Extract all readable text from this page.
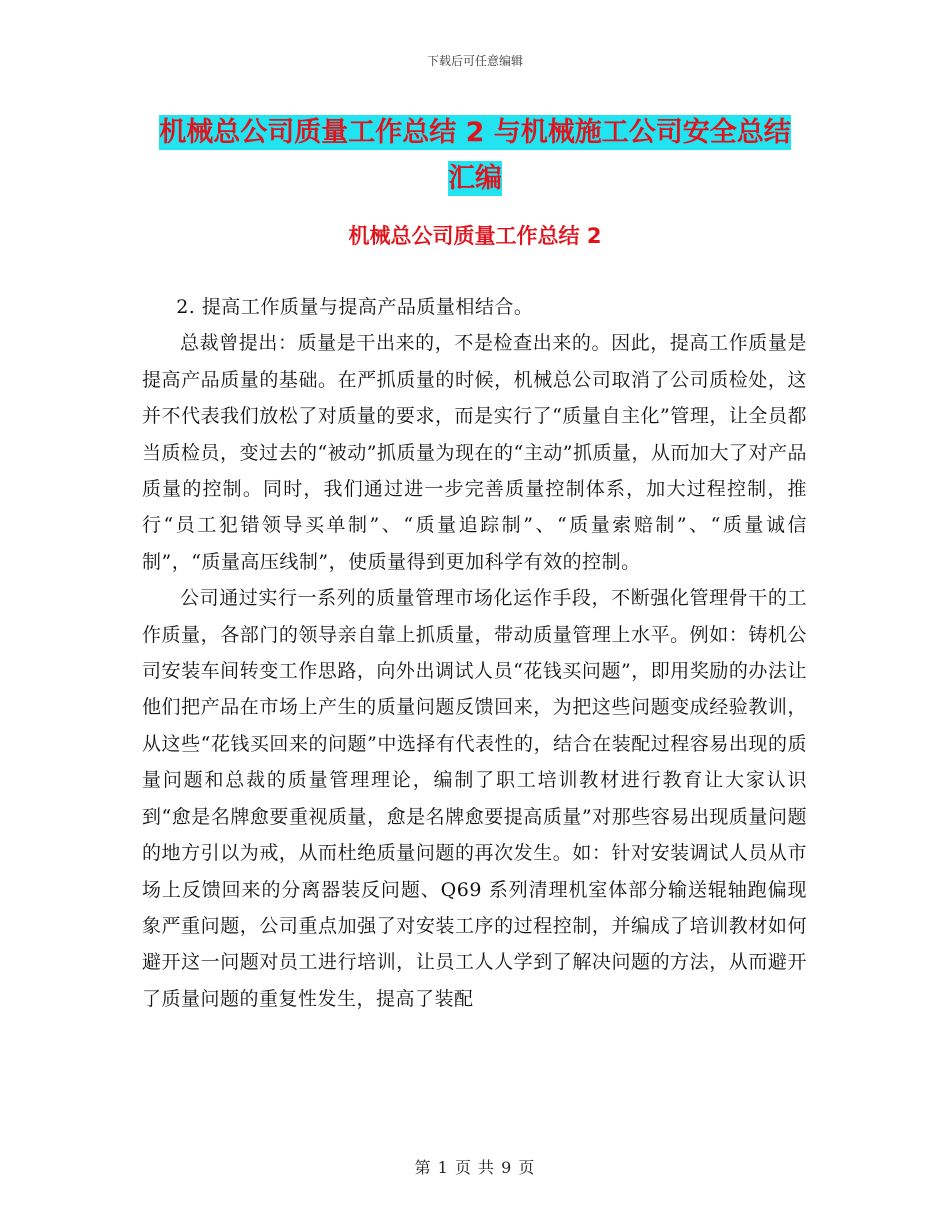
下载后可任意编辑
机械总公司质量工作总结 2 与机械施工公司安全总结
汇编
机械总公司质量工作总结 2

2. 提高工作质量与提高产品质量相结合。

总裁曾提出：质量是干出来的，不是检查出来的。因此，提高工作质量是提高产品质量的基础。在严抓质量的时候，机械总公司取消了公司质检处，这并不代表我们放松了对质量的要求，而是实行了“质量自主化”管理，让全员都当质检员，变过去的“被动”抓质量为现在的“主动”抓质量，从而加大了对产品质量的控制。同时，我们通过进一步完善质量控制体系，加大过程控制，推行“员工犯错领导买单制”、“质量追踪制”、“质量索赔制”、“质量诚信制”，“质量高压线制”，使质量得到更加科学有效的控制。

公司通过实行一系列的质量管理市场化运作手段，不断强化管理骨干的工作质量，各部门的领导亲自靠上抓质量，带动质量管理上水平。例如：铸机公司安装车间转变工作思路，向外出调试人员“花钱买问题”，即用奖励的办法让他们把产品在市场上产生的质量问题反馈回来，为把这些问题变成经验教训，从这些“花钱买回来的问题”中选择有代表性的，结合在装配过程容易出现的质量问题和总裁的质量管理理论，编制了职工培训教材进行教育让大家认识到“愈是名牌愈要重视质量，愈是名牌愈要提高质量”对那些容易出现质量问题的地方引以为戒，从而杜绝质量问题的再次发生。如：针对安装调试人员从市场上反馈回来的分离器装反问题、Q69 系列清理机室体部分输送辊轴跑偏现象严重问题，公司重点加强了对安装工序的过程控制，并编成了培训教材如何避开这一问题对员工进行培训，让员工人人学到了解决问题的方法，从而避开了质量问题的重复性发生，提高了装配

第 1 页 共 9 页
